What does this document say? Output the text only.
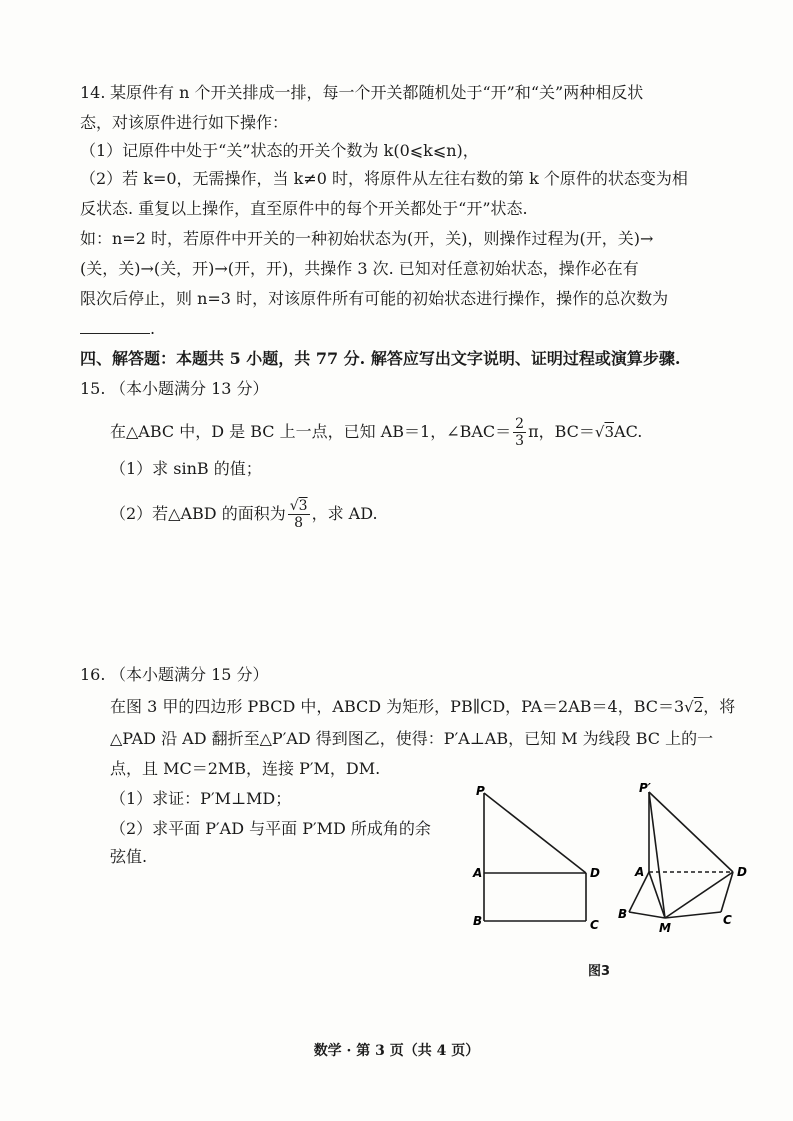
14. 某原件有 n 个开关排成一排，每一个开关都随机处于“开”和“关”两种相反状
态，对该原件进行如下操作：
（1）记原件中处于“关”状态的开关个数为 k(0⩽k⩽n)，
（2）若 k=0，无需操作，当 k≠0 时，将原件从左往右数的第 k 个原件的状态变为相
反状态. 重复以上操作，直至原件中的每个开关都处于“开”状态.
如：n=2 时，若原件中开关的一种初始状态为(开，关)，则操作过程为(开，关)→
(关，关)→(关，开)→(开，开)，共操作 3 次. 已知对任意初始状态，操作必在有
限次后停止，则 n=3 时，对该原件所有可能的初始状态进行操作，操作的总次数为
.
四、解答题：本题共 5 小题，共 77 分. 解答应写出文字说明、证明过程或演算步骤.
15. （本小题满分 13 分）
在△ABC 中，D 是 BC 上一点，已知 AB＝1，∠BAC＝ $\frac{2}{3}$ π，BC＝√3AC.
（1）求 sinB 的值；
（2）若△ABD 的面积为 $\frac{√3}{8}$ ，求 AD.
16. （本小题满分 15 分）
在图 3 甲的四边形 PBCD 中，ABCD 为矩形，PB∥CD，PA＝2AB＝4，BC＝3√2，将
△PAD 沿 AD 翻折至△P′AD 得到图乙，使得：P′A⊥AB，已知 M 为线段 BC 上的一
点，且 MC＝2MB，连接 P′M，DM.
（1）求证：P′M⊥MD；
（2）求平面 P′AD 与平面 P′MD 所成角的余
弦值.
P
A	D
B	C
P′
A	D
B
M
C
图3
数学 · 第 3 页（共 4 页）
